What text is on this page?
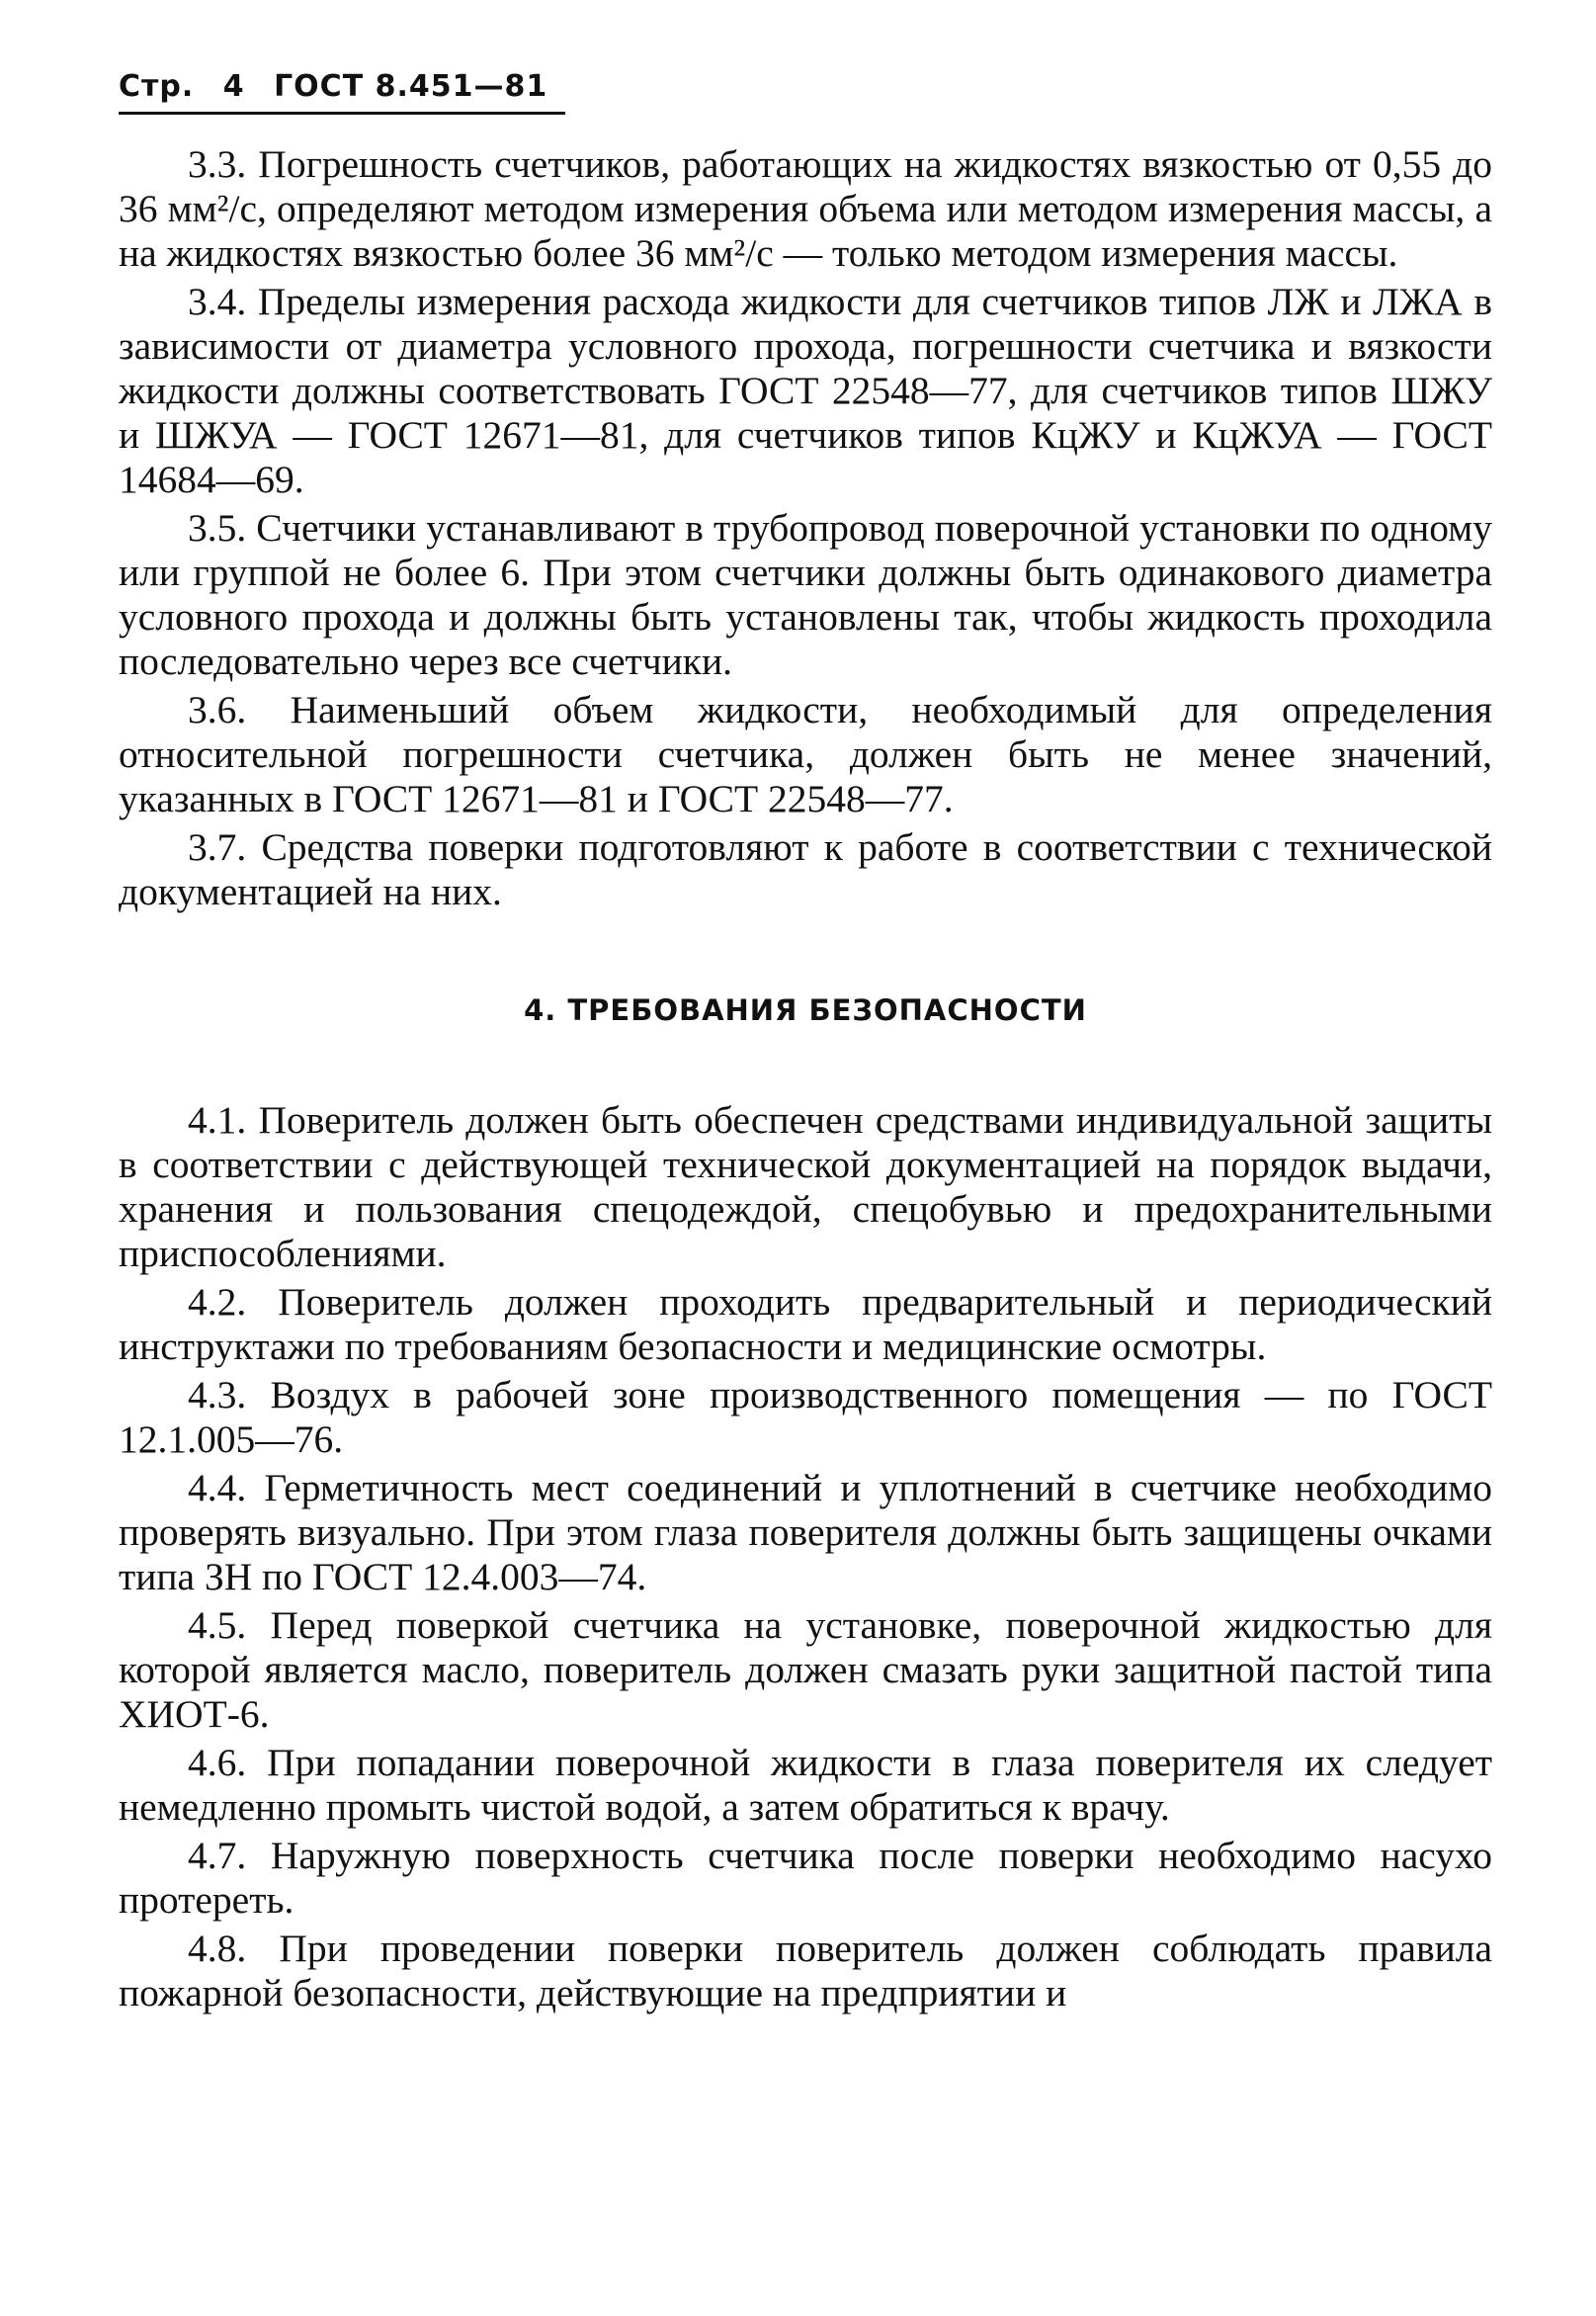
Стр. 4 ГОСТ 8.451—81

3.3. Погрешность счетчиков, работающих на жидкостях вязкостью от 0,55 до 36 мм²/с, определяют методом измерения объема или методом измерения массы, а на жидкостях вязкостью более 36 мм²/с — только методом измерения массы.

3.4. Пределы измерения расхода жидкости для счетчиков типов ЛЖ и ЛЖА в зависимости от диаметра условного прохода, погрешности счетчика и вязкости жидкости должны соответствовать ГОСТ 22548—77, для счетчиков типов ШЖУ и ШЖУА — ГОСТ 12671—81, для счетчиков типов КцЖУ и КцЖУА — ГОСТ 14684—69.

3.5. Счетчики устанавливают в трубопровод поверочной установки по одному или группой не более 6. При этом счетчики должны быть одинакового диаметра условного прохода и должны быть установлены так, чтобы жидкость проходила последовательно через все счетчики.

3.6. Наименьший объем жидкости, необходимый для определения относительной погрешности счетчика, должен быть не менее значений, указанных в ГОСТ 12671—81 и ГОСТ 22548—77.

3.7. Средства поверки подготовляют к работе в соответствии с технической документацией на них.

4. ТРЕБОВАНИЯ БЕЗОПАСНОСТИ

4.1. Поверитель должен быть обеспечен средствами индивидуальной защиты в соответствии с действующей технической документацией на порядок выдачи, хранения и пользования спецодеждой, спецобувью и предохранительными приспособлениями.

4.2. Поверитель должен проходить предварительный и периодический инструктажи по требованиям безопасности и медицинские осмотры.

4.3. Воздух в рабочей зоне производственного помещения — по ГОСТ 12.1.005—76.

4.4. Герметичность мест соединений и уплотнений в счетчике необходимо проверять визуально. При этом глаза поверителя должны быть защищены очками типа ЗН по ГОСТ 12.4.003—74.

4.5. Перед поверкой счетчика на установке, поверочной жидкостью для которой является масло, поверитель должен смазать руки защитной пастой типа ХИОТ-6.

4.6. При попадании поверочной жидкости в глаза поверителя их следует немедленно промыть чистой водой, а затем обратиться к врачу.

4.7. Наружную поверхность счетчика после поверки необходимо насухо протереть.

4.8. При проведении поверки поверитель должен соблюдать правила пожарной безопасности, действующие на предприятии и
